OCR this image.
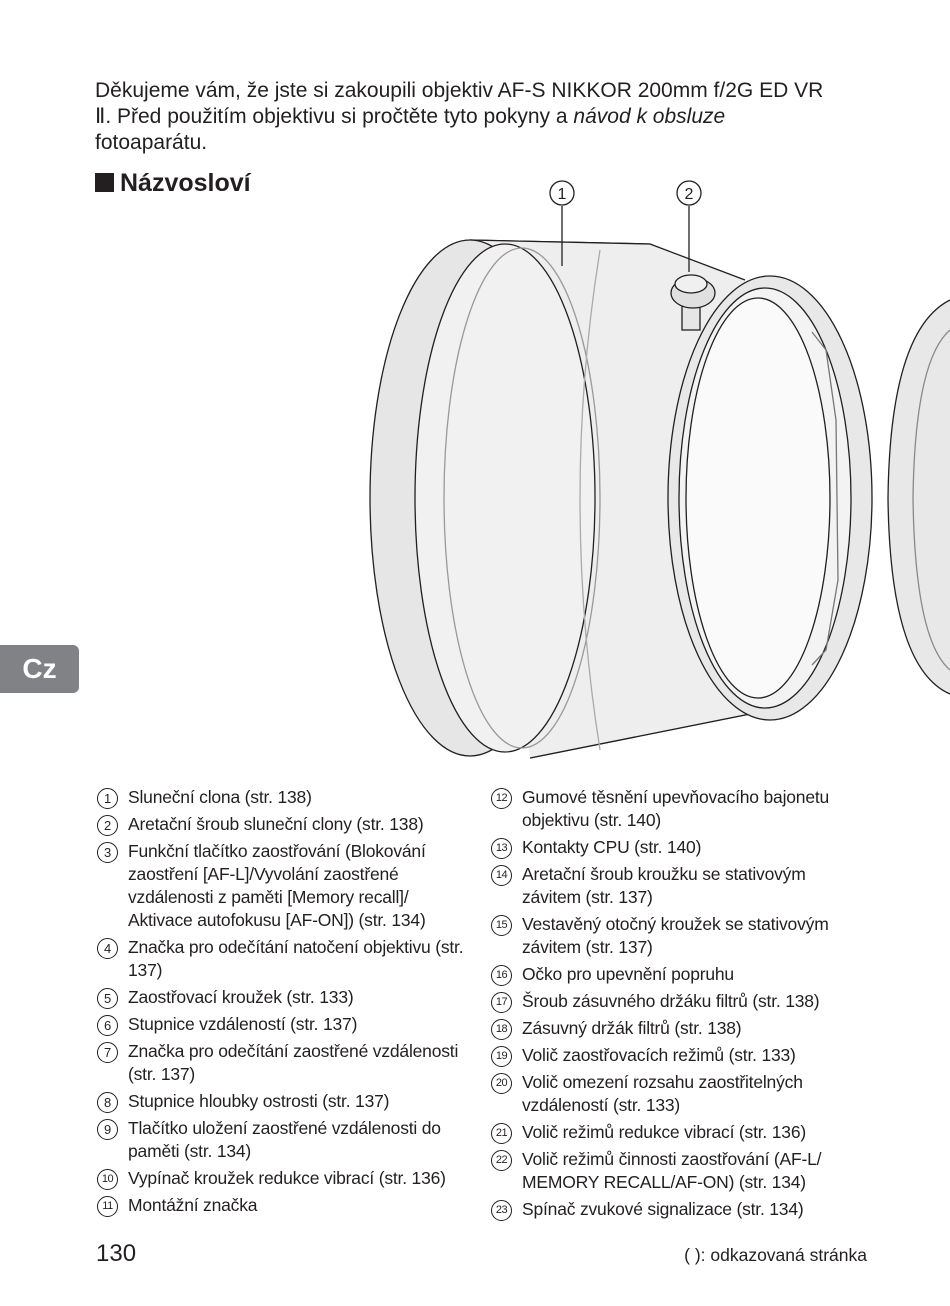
Děkujeme vám, že jste si zakoupili objektiv AF-S NIKKOR 200mm f/2G ED VR Ⅱ. Před použitím objektivu si pročtěte tyto pokyny a návod k obsluze fotoaparátu.

Názvosloví
Cz
1	2
1 Sluneční clona (str. 138)
2 Aretační šroub sluneční clony (str. 138)
3 Funkční tlačítko zaostřování (Blokování zaostření [AF-L]/Vyvolání zaostřené vzdálenosti z paměti [Memory recall]/ Aktivace autofokusu [AF-ON]) (str. 134)
4 Značka pro odečítání natočení objektivu (str. 137)
5 Zaostřovací kroužek (str. 133)
6 Stupnice vzdáleností (str. 137)
7 Značka pro odečítání zaostřené vzdálenosti (str. 137)
8 Stupnice hloubky ostrosti (str. 137)
9 Tlačítko uložení zaostřené vzdálenosti do paměti (str. 134)
10 Vypínač kroužek redukce vibrací (str. 136)
11 Montážní značka
12 Gumové těsnění upevňovacího bajonetu objektivu (str. 140)
13 Kontakty CPU (str. 140)
14 Aretační šroub kroužku se stativovým závitem (str. 137)
15 Vestavěný otočný kroužek se stativovým závitem (str. 137)
16 Očko pro upevnění popruhu
17 Šroub zásuvného držáku filtrů (str. 138)
18 Zásuvný držák filtrů (str. 138)
19 Volič zaostřovacích režimů (str. 133)
20 Volič omezení rozsahu zaostřitelných vzdáleností (str. 133)
21 Volič režimů redukce vibrací (str. 136)
22 Volič režimů činnosti zaostřování (AF-L/ MEMORY RECALL/AF-ON) (str. 134)
23 Spínač zvukové signalizace (str. 134)

130	( ): odkazovaná stránka
